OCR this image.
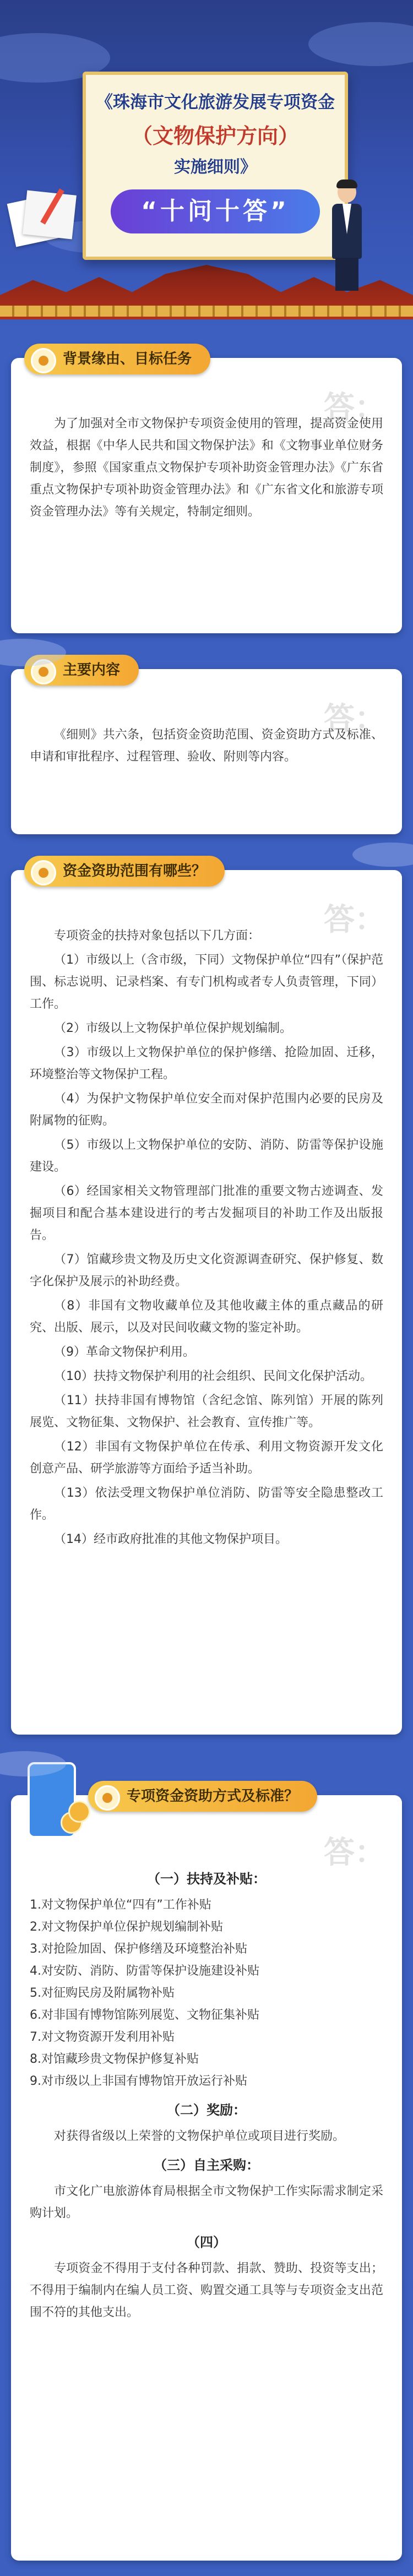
《珠海市文化旅游发展专项资金
（文物保护方向）
实施细则》
“十问十答”
背景缘由、目标任务
答：

为了加强对全市文物保护专项资金使用的管理，提高资金使用效益，根据《中华人民共和国文物保护法》和《文物事业单位财务制度》，参照《国家重点文物保护专项补助资金管理办法》《广东省重点文物保护专项补助资金管理办法》和《广东省文化和旅游专项资金管理办法》等有关规定，特制定细则。

主要内容
答：

《细则》共六条，包括资金资助范围、资金资助方式及标准、申请和审批程序、过程管理、验收、附则等内容。

资金资助范围有哪些？
答：

专项资金的扶持对象包括以下几方面：

（1）市级以上（含市级，下同）文物保护单位“四有”（保护范围、标志说明、记录档案、有专门机构或者专人负责管理，下同）工作。

（2）市级以上文物保护单位保护规划编制。

（3）市级以上文物保护单位的保护修缮、抢险加固、迁移，环境整治等文物保护工程。

（4）为保护文物保护单位安全而对保护范围内必要的民房及附属物的征购。

（5）市级以上文物保护单位的安防、消防、防雷等保护设施建设。

（6）经国家相关文物管理部门批准的重要文物古迹调查、发掘项目和配合基本建设进行的考古发掘项目的补助工作及出版报告。

（7）馆藏珍贵文物及历史文化资源调查研究、保护修复、数字化保护及展示的补助经费。

（8）非国有文物收藏单位及其他收藏主体的重点藏品的研究、出版、展示，以及对民间收藏文物的鉴定补助。

（9）革命文物保护利用。

（10）扶持文物保护利用的社会组织、民间文化保护活动。

（11）扶持非国有博物馆（含纪念馆、陈列馆）开展的陈列展览、文物征集、文物保护、社会教育、宣传推广等。

（12）非国有文物保护单位在传承、利用文物资源开发文化创意产品、研学旅游等方面给予适当补助。

（13）依法受理文物保护单位消防、防雷等安全隐患整改工作。

（14）经市政府批准的其他文物保护项目。

专项资金资助方式及标准？
答：
（一）扶持及补贴：

1.对文物保护单位“四有”工作补贴

2.对文物保护单位保护规划编制补贴

3.对抢险加固、保护修缮及环境整治补贴

4.对安防、消防、防雷等保护设施建设补贴

5.对征购民房及附属物补贴

6.对非国有博物馆陈列展览、文物征集补贴

7.对文物资源开发利用补贴

8.对馆藏珍贵文物保护修复补贴

9.对市级以上非国有博物馆开放运行补贴

（二）奖励：

对获得省级以上荣誉的文物保护单位或项目进行奖励。

（三）自主采购：

市文化广电旅游体育局根据全市文物保护工作实际需求制定采购计划。

（四）

专项资金不得用于支付各种罚款、捐款、赞助、投资等支出；不得用于编制内在编人员工资、购置交通工具等与专项资金支出范围不符的其他支出。
